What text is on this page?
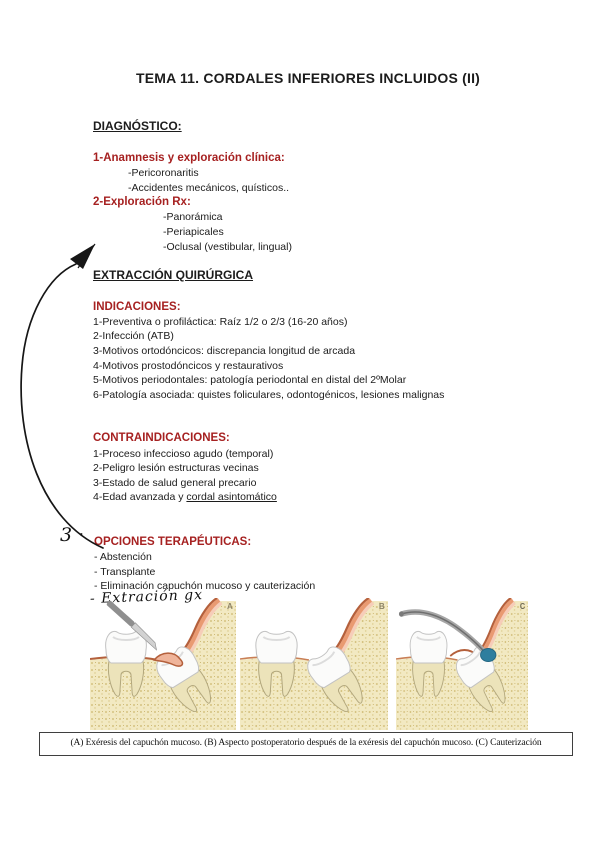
TEMA 11. CORDALES INFERIORES INCLUIDOS (II)
DIAGNÓSTICO:
1-Anamnesis y exploración clínica:
-Pericoronaritis
-Accidentes mecánicos, quísticos..
2-Exploración Rx:
-Panorámica
-Periapicales
-Oclusal (vestibular, lingual)
EXTRACCIÓN QUIRÚRGICA
INDICACIONES:
1-Preventiva o profiláctica: Raíz 1/2 o 2/3 (16-20 años)
2-Infección (ATB)
3-Motivos ortodóncicos: discrepancia longitud de arcada
4-Motivos prostodóncicos y restaurativos
5-Motivos periodontales: patología periodontal en distal del 2ºMolar
6-Patología asociada: quistes foliculares, odontogénicos, lesiones malignas
CONTRAINDICACIONES:
1-Proceso infeccioso agudo (temporal)
2-Peligro lesión estructuras vecinas
3-Estado de salud general precario
4-Edad avanzada y cordal asintomático
OPCIONES TERAPÉUTICAS:
- Abstención
- Transplante
- Eliminación capuchón mucoso y cauterización
3 ·
- Extración gx	A	B	C
(A) Exéresis del capuchón mucoso. (B) Aspecto postoperatorio después de la exéresis del capuchón mucoso. (C) Cauterización
